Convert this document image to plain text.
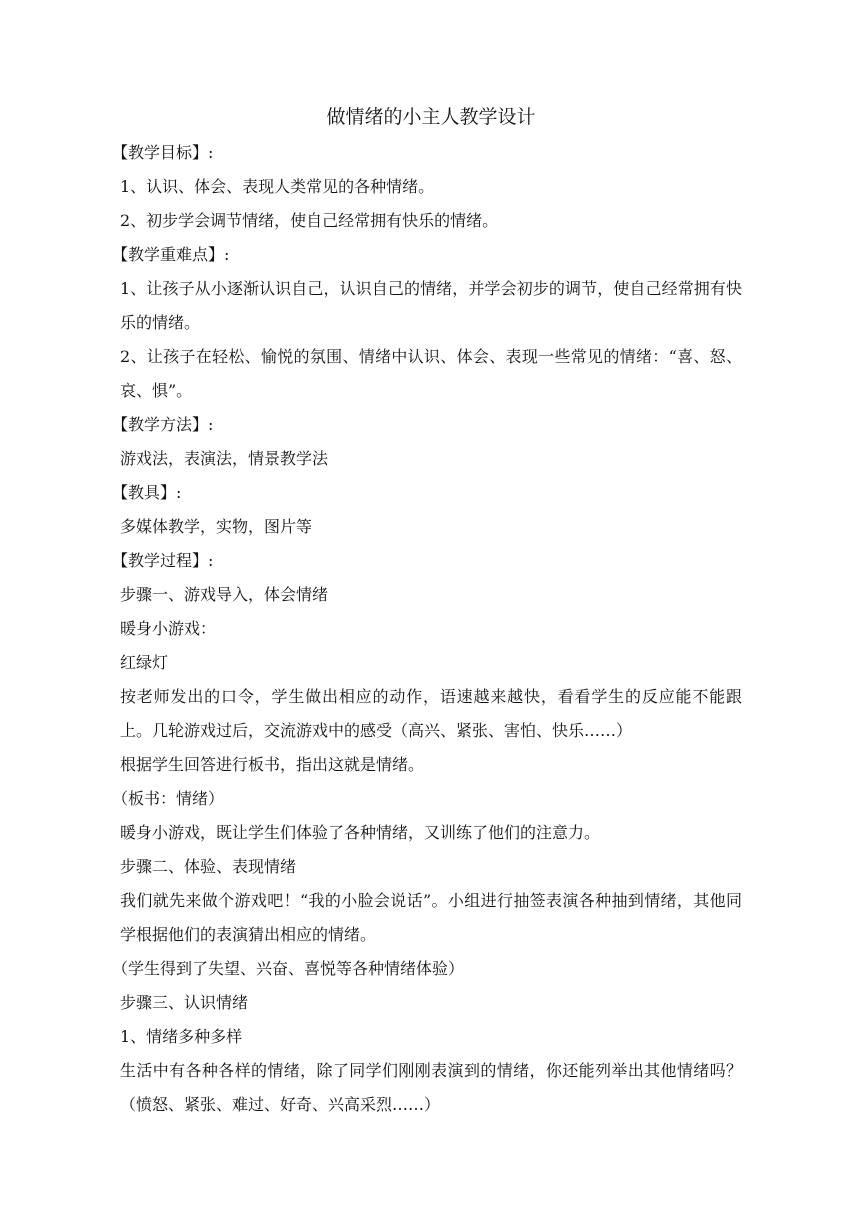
做情绪的小主人教学设计

【教学目标】:

1、认识、体会、表现人类常见的各种情绪。

2、初步学会调节情绪，使自己经常拥有快乐的情绪。

【教学重难点】:

1、让孩子从小逐渐认识自己，认识自己的情绪，并学会初步的调节，使自己经常拥有快乐的情绪。

2、让孩子在轻松、愉悦的氛围、情绪中认识、体会、表现一些常见的情绪：“喜、怒、哀、惧”。

【教学方法】:

游戏法，表演法，情景教学法

【教具】:

多媒体教学，实物，图片等

【教学过程】:

步骤一、游戏导入，体会情绪

暖身小游戏：

红绿灯

按老师发出的口令，学生做出相应的动作，语速越来越快，看看学生的反应能不能跟上。几轮游戏过后，交流游戏中的感受（高兴、紧张、害怕、快乐……）

根据学生回答进行板书，指出这就是情绪。

（板书：情绪）

暖身小游戏，既让学生们体验了各种情绪，又训练了他们的注意力。

步骤二、体验、表现情绪

我们就先来做个游戏吧！“我的小脸会说话”。小组进行抽签表演各种抽到情绪，其他同学根据他们的表演猜出相应的情绪。

（学生得到了失望、兴奋、喜悦等各种情绪体验）

步骤三、认识情绪

1、情绪多种多样

生活中有各种各样的情绪，除了同学们刚刚表演到的情绪，你还能列举出其他情绪吗？（愤怒、紧张、难过、好奇、兴高采烈……）
